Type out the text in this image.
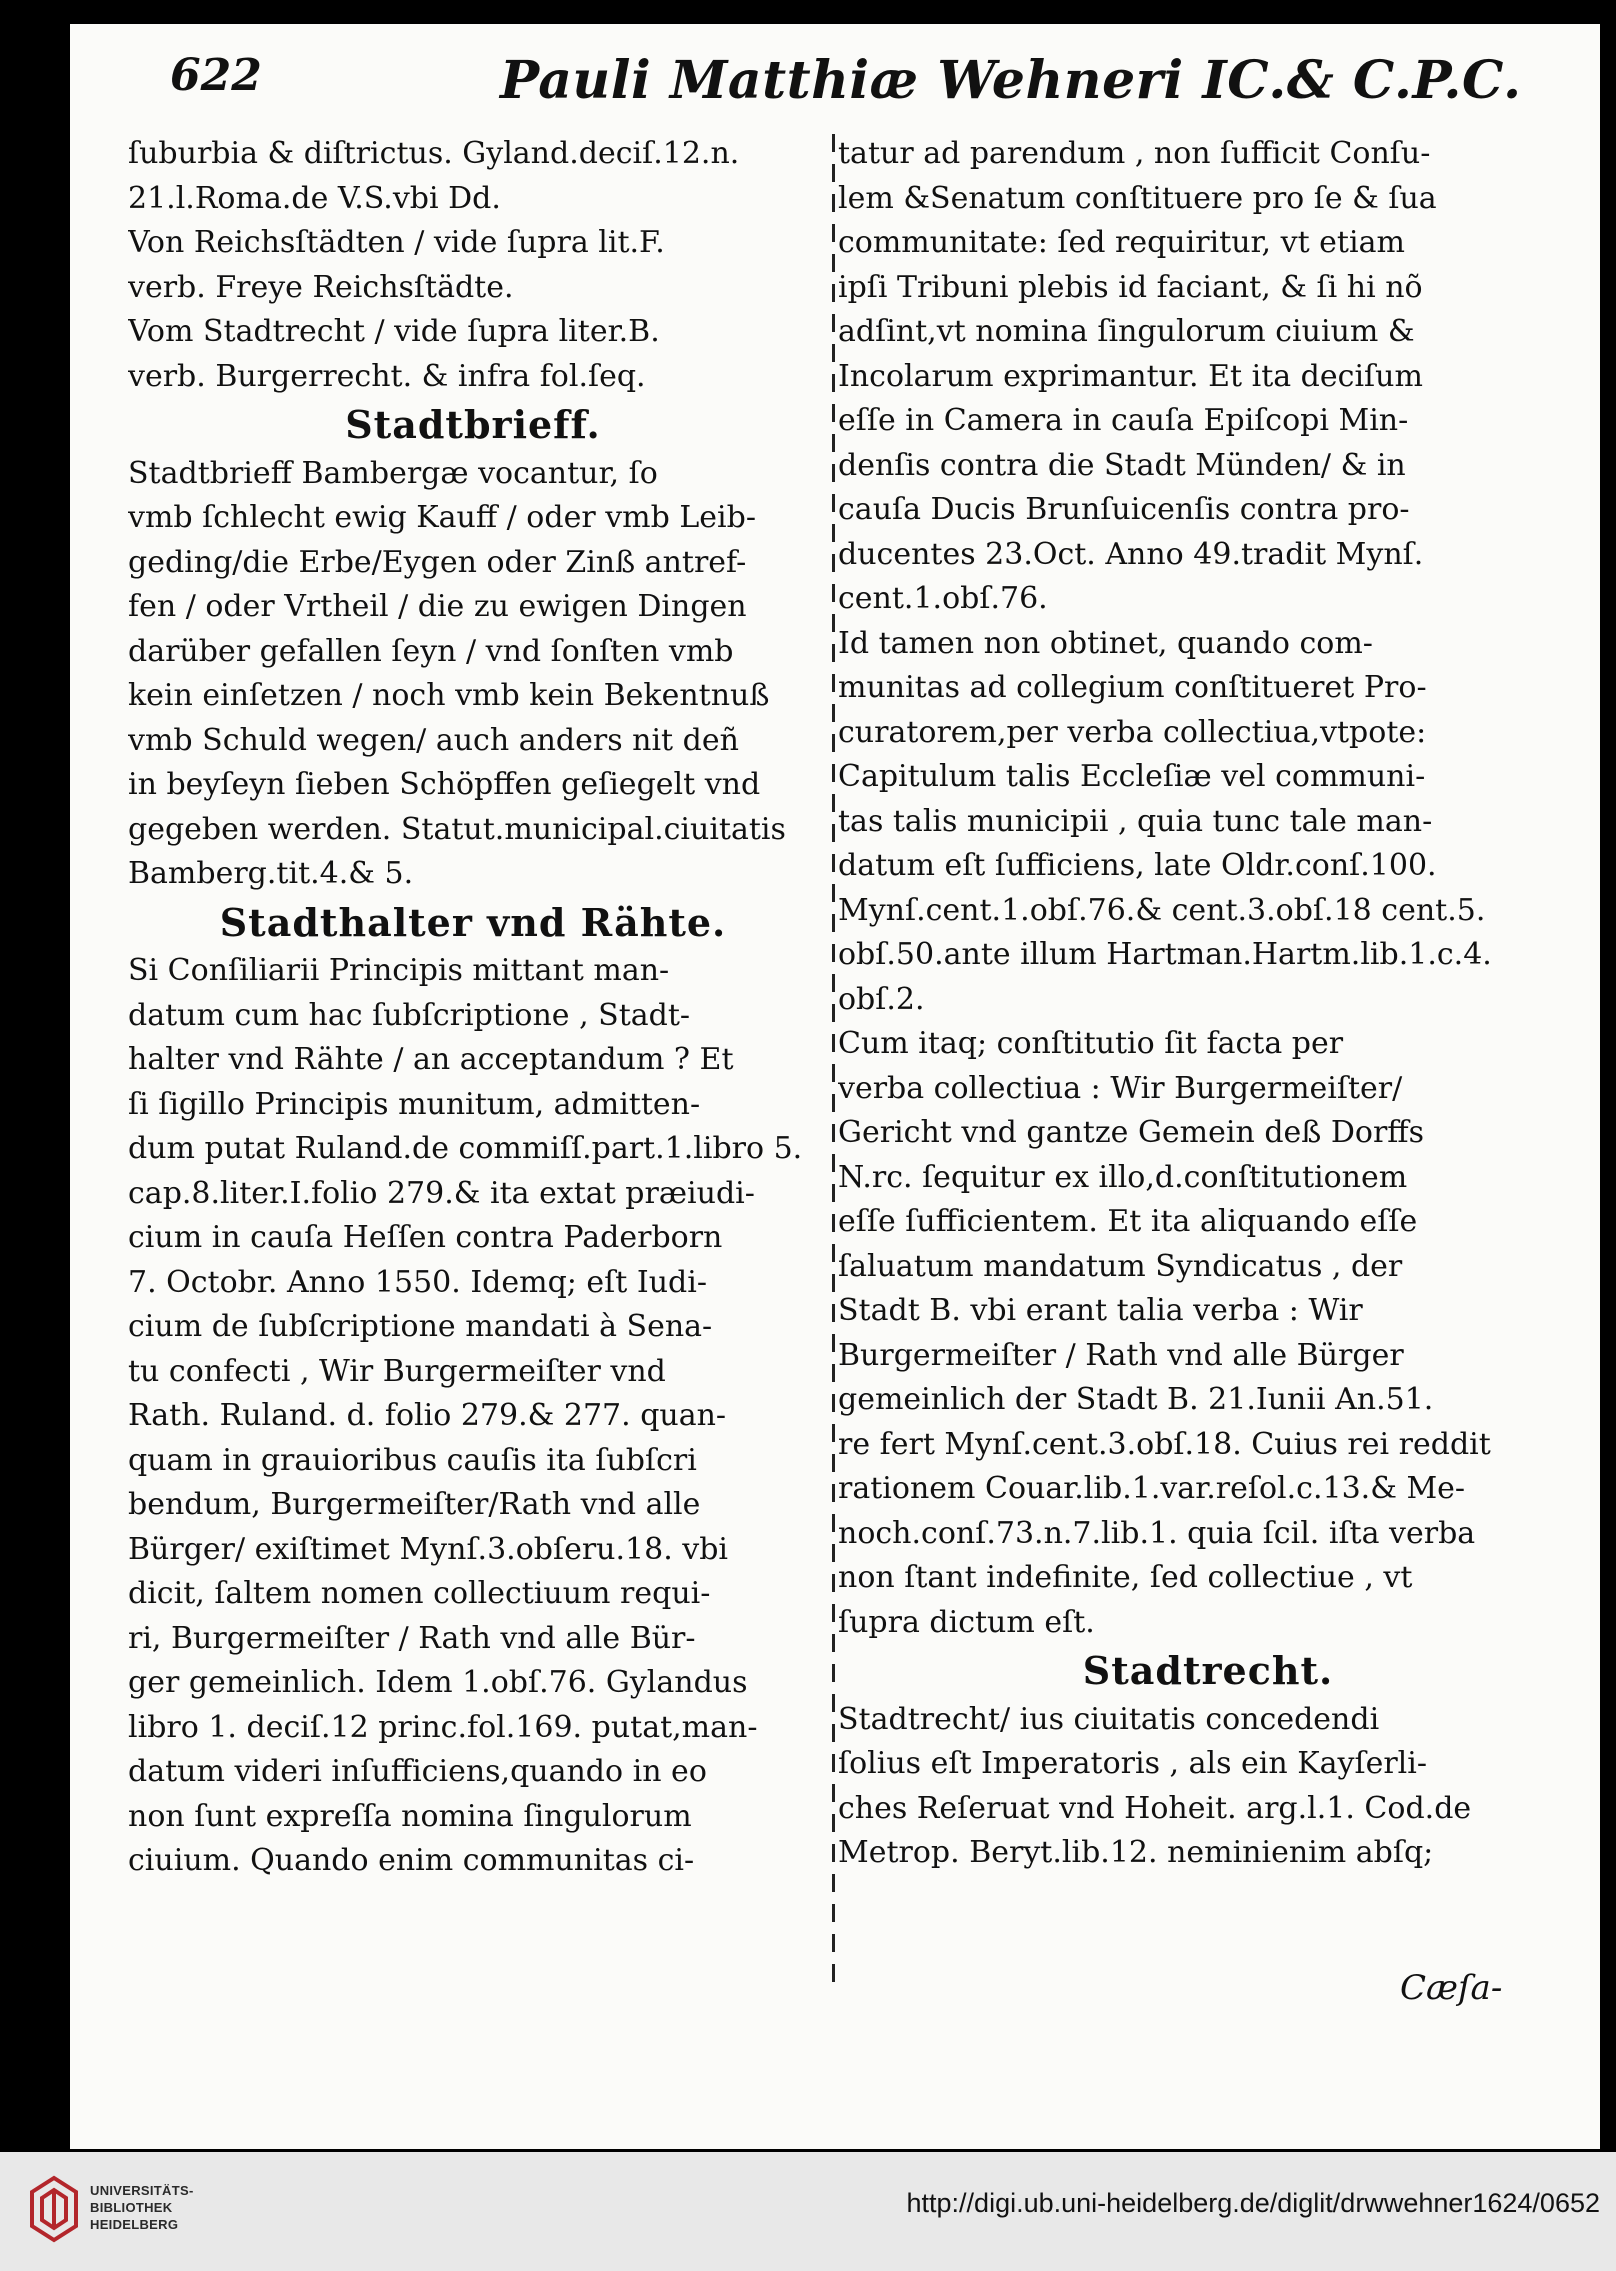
622	Pauli Matthiæ Wehneri IC.& C.P.C.
ſuburbia & diſtrictus. Gyland.deciſ.12.n.
21.l.Roma.de V.S.vbi Dd.
Von Reichsſtädten / vide ſupra lit.F.
verb. Freye Reichsſtädte.
Vom Stadtrecht / vide ſupra liter.B.
verb. Burgerrecht. & infra fol.ſeq.
Stadtbrieff.
Stadtbrieff Bambergæ vocantur, ſo
vmb ſchlecht ewig Kauff / oder vmb Leib-
geding/die Erbe/Eygen oder Zinß antref-
fen / oder Vrtheil / die zu ewigen Dingen
darüber gefallen ſeyn / vnd ſonſten vmb
kein einſetzen / noch vmb kein Bekentnuß
vmb Schuld wegen/ auch anders nit deñ
in beyſeyn ſieben Schöpffen geſiegelt vnd
gegeben werden. Statut.municipal.ciuitatis
Bamberg.tit.4.& 5.
Stadthalter vnd Rähte.
Si Conſiliarii Principis mittant man-
datum cum hac ſubſcriptione , Stadt-
halter vnd Rähte / an acceptandum ? Et
ſi ſigillo Principis munitum, admitten-
dum putat Ruland.de commiſſ.part.1.libro 5.
cap.8.liter.I.folio 279.& ita extat præiudi-
cium in cauſa Heſſen contra Paderborn
7. Octobr. Anno 1550. Idemq; eſt Iudi-
cium de ſubſcriptione mandati à Sena-
tu confecti , Wir Burgermeiſter vnd
Rath. Ruland. d. folio 279.& 277. quan-
quam in grauioribus cauſis ita ſubſcri
bendum, Burgermeiſter/Rath vnd alle
Bürger/ exiſtimet Mynſ.3.obſeru.18. vbi
dicit, ſaltem nomen collectiuum requi-
ri, Burgermeiſter / Rath vnd alle Bür-
ger gemeinlich. Idem 1.obſ.76. Gylandus
libro 1. deciſ.12 princ.fol.169. putat,man-
datum videri inſufficiens,quando in eo
non ſunt expreſſa nomina ſingulorum
ciuium. Quando enim communitas ci-
tatur ad parendum , non ſufficit Conſu-
lem &Senatum conſtituere pro ſe & ſua
communitate: ſed requiritur, vt etiam
ipſi Tribuni plebis id faciant, & ſi hi nõ
adſint,vt nomina ſingulorum ciuium &
Incolarum exprimantur. Et ita deciſum
eſſe in Camera in cauſa Epiſcopi Min-
denſis contra die Stadt Münden/ & in
cauſa Ducis Brunſuicenſis contra pro-
ducentes 23.Oct. Anno 49.tradit Mynſ.
cent.1.obſ.76.
Id tamen non obtinet, quando com-
munitas ad collegium conſtitueret Pro-
curatorem,per verba collectiua,vtpote:
Capitulum talis Eccleſiæ vel communi-
tas talis municipii , quia tunc tale man-
datum eſt ſufficiens, late Oldr.conſ.100.
Mynſ.cent.1.obſ.76.& cent.3.obſ.18 cent.5.
obſ.50.ante illum Hartman.Hartm.lib.1.c.4.
obſ.2.
Cum itaq; conſtitutio ſit facta per
verba collectiua : Wir Burgermeiſter/
Gericht vnd gantze Gemein deß Dorffs
N.rc. ſequitur ex illo,d.conſtitutionem
eſſe ſufficientem. Et ita aliquando eſſe
ſaluatum mandatum Syndicatus , der
Stadt B. vbi erant talia verba : Wir
Burgermeiſter / Rath vnd alle Bürger
gemeinlich der Stadt B. 21.Iunii An.51.
re fert Mynſ.cent.3.obſ.18. Cuius rei reddit
rationem Couar.lib.1.var.reſol.c.13.& Me-
noch.conſ.73.n.7.lib.1. quia ſcil. iſta verba
non ſtant indefinite, ſed collectiue , vt
ſupra dictum eſt.
Stadtrecht.
Stadtrecht/ ius ciuitatis concedendi
ſolius eſt Imperatoris , als ein Kayſerli-
ches Reſeruat vnd Hoheit. arg.l.1. Cod.de
Metrop. Beryt.lib.12. neminienim abſq;
Cæſa-
UNIVERSITÄTS-
BIBLIOTHEK
HEIDELBERG
http://digi.ub.uni-heidelberg.de/diglit/drwwehner1624/0652
